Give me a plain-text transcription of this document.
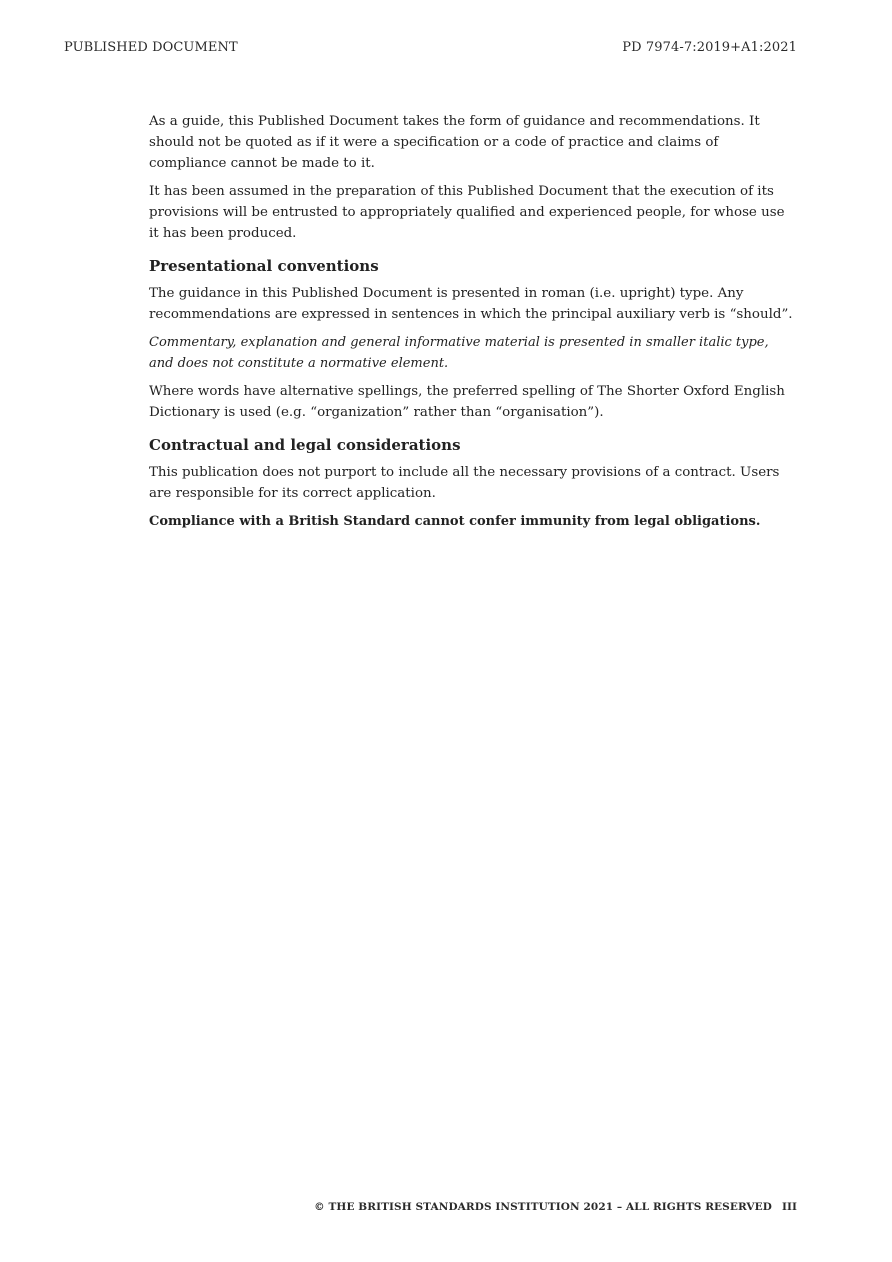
PUBLISHED DOCUMENT	PD 7974-7:2019+A1:2021

As a guide, this Published Document takes the form of guidance and recommendations. It should not be quoted as if it were a specification or a code of practice and claims of compliance cannot be made to it.

It has been assumed in the preparation of this Published Document that the execution of its provisions will be entrusted to appropriately qualified and experienced people, for whose use it has been produced.

Presentational conventions

The guidance in this Published Document is presented in roman (i.e. upright) type. Any recommendations are expressed in sentences in which the principal auxiliary verb is “should”.

Commentary, explanation and general informative material is presented in smaller italic type, and does not constitute a normative element.

Where words have alternative spellings, the preferred spelling of The Shorter Oxford English Dictionary is used (e.g. “organization” rather than “organisation”).

Contractual and legal considerations

This publication does not purport to include all the necessary provisions of a contract. Users are responsible for its correct application.

Compliance with a British Standard cannot confer immunity from legal obligations.

© THE BRITISH STANDARDS INSTITUTION 2021 – ALL RIGHTS RESERVED III
